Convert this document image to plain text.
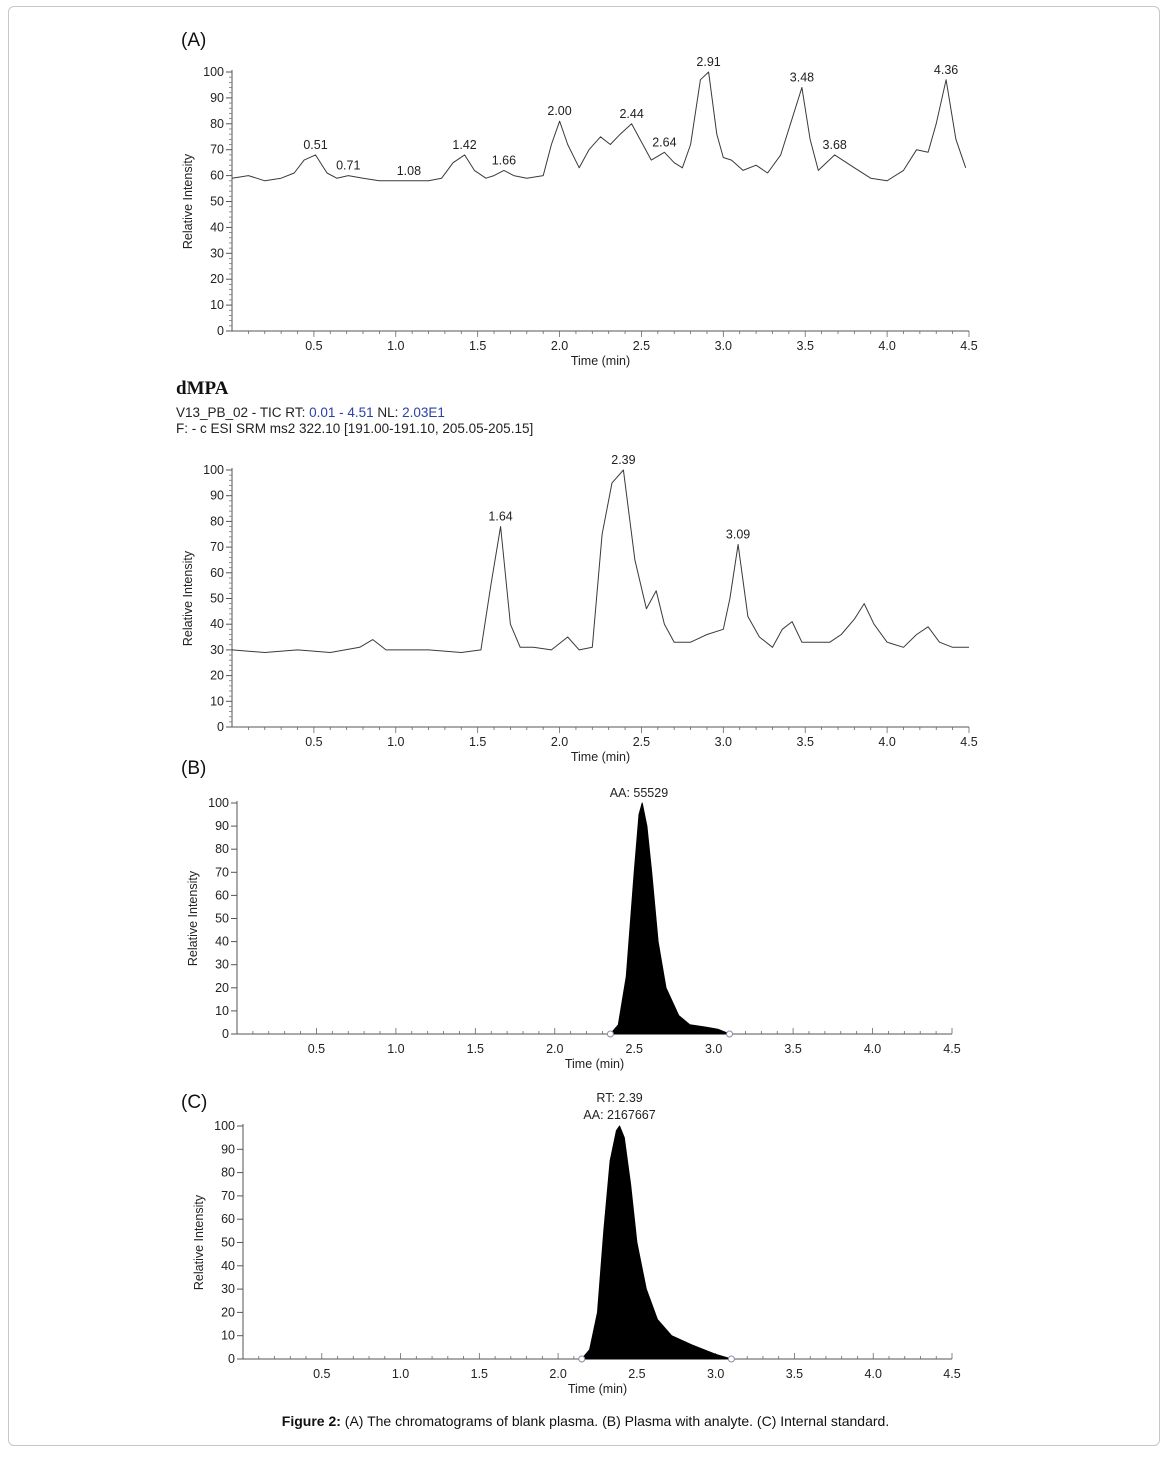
(A)
(B)
(C)
dMPA
V13_PB_02 - TIC RT: 0.01 - 4.51 NL: 2.03E1
F: - c ESI SRM ms2 322.10 [191.00-191.10, 205.05-205.15]
0
10
20
30
40
50
60
70
80
90
100
0.5	1.0	1.5	2.0	2.5	3.0	3.5	4.0	4.5
Time (min)
Relative Intensity
0.51
0.71	1.08
1.42
1.66
2.00	2.44
2.64
2.91
3.48
3.68
4.36
0
10
20
30
40
50
60
70
80
90
100
0.5	1.0	1.5	2.0	2.5	3.0	3.5	4.0	4.5
Time (min)
Relative Intensity
1.64
2.39
3.09
0
10
20
30
40
50
60
70
80
90
100
0.5	1.0	1.5	2.0	2.5	3.0	3.5	4.0	4.5
Time (min)
Relative Intensity
AA: 55529
0
10
20
30
40
50
60
70
80
90
100
0.5	1.0	1.5	2.0	2.5	3.0	3.5	4.0	4.5
Time (min)
Relative Intensity
RT: 2.39
AA: 2167667
Figure 2: (A) The chromatograms of blank plasma. (B) Plasma with analyte. (C) Internal standard.
